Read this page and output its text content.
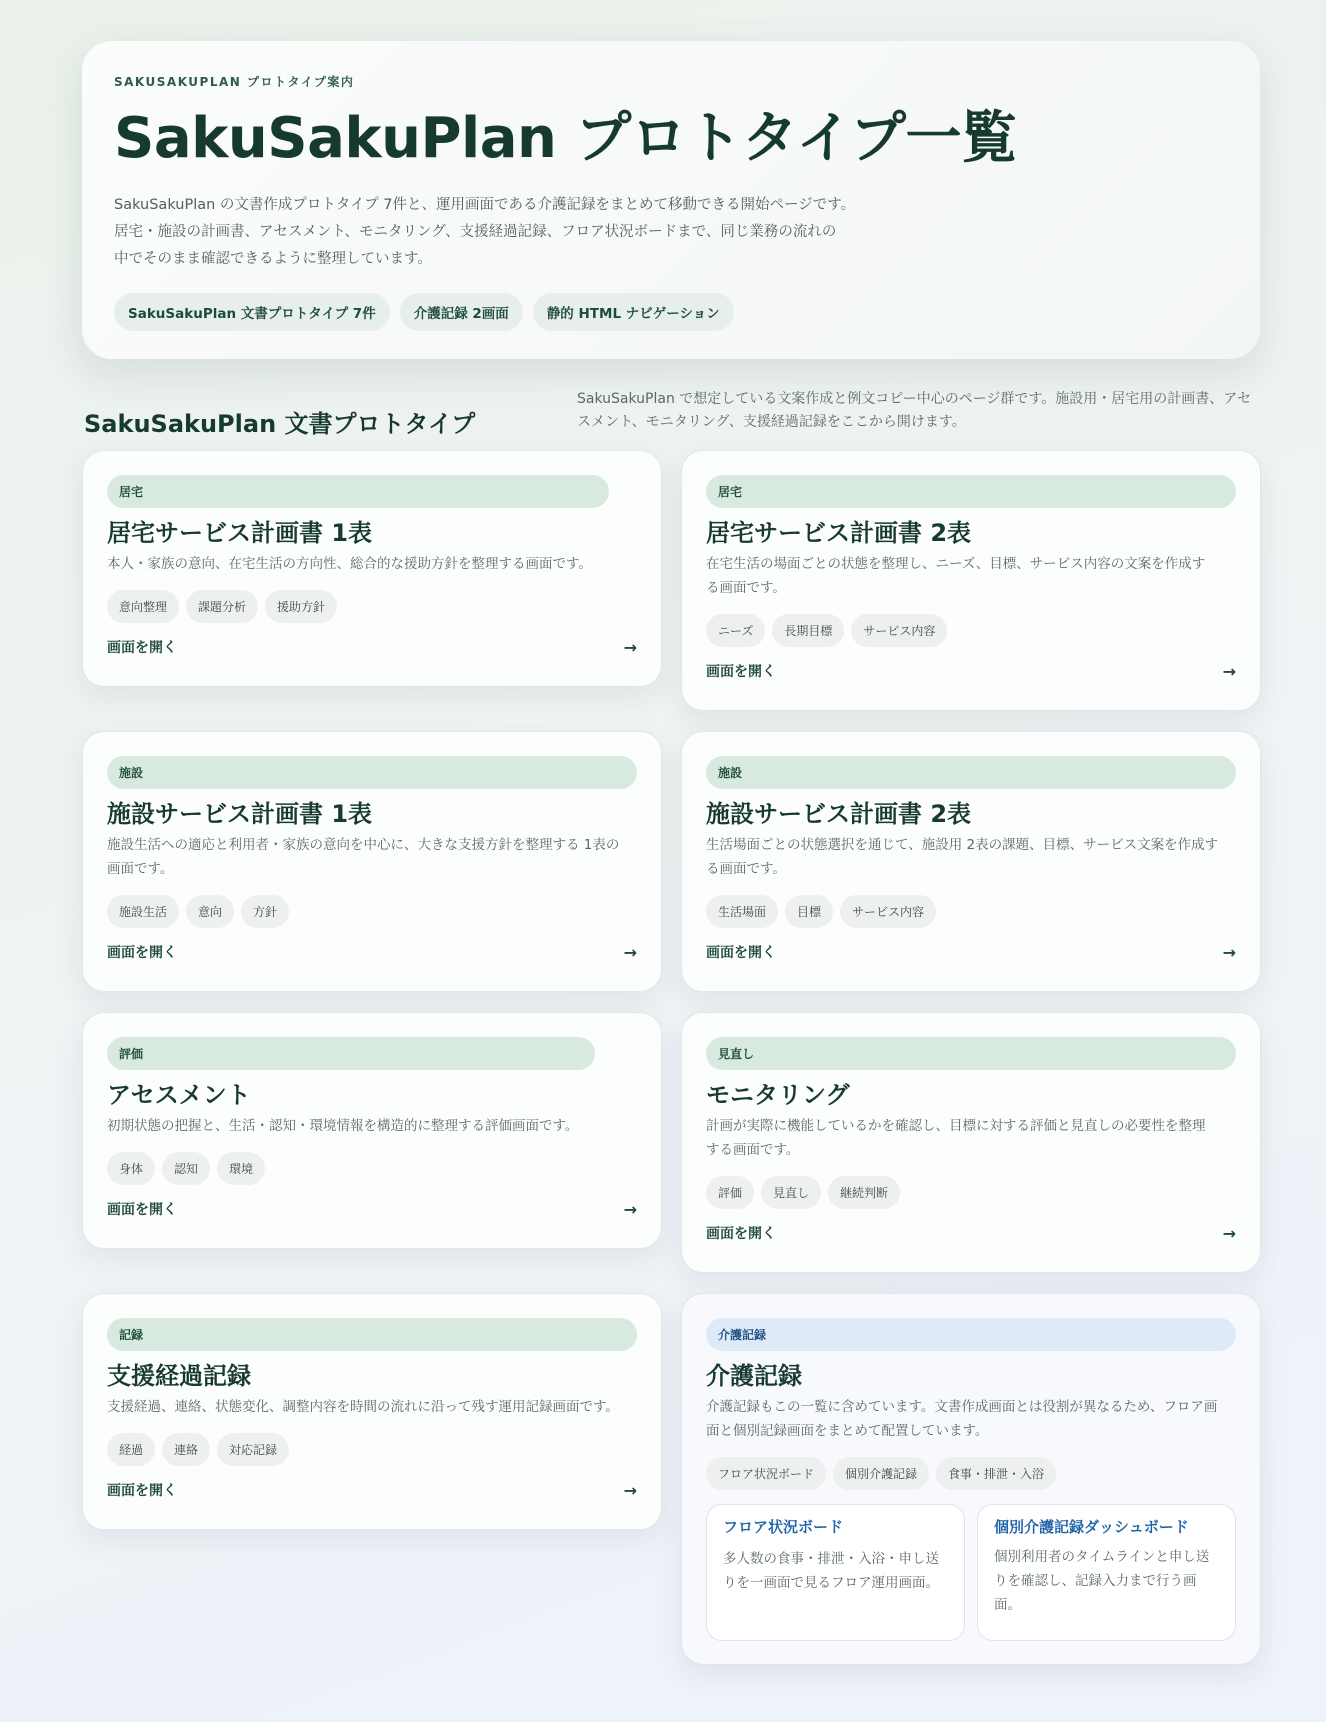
SAKUSAKUPLAN プロトタイプ案内
SakuSakuPlan プロトタイプ一覧
SakuSakuPlan の文書作成プロトタイプ 7件と、運用画面である介護記録をまとめて移動できる開始ページです。
居宅・施設の計画書、アセスメント、モニタリング、支援経過記録、フロア状況ボードまで、同じ業務の流れの
中でそのまま確認できるように整理しています。
SakuSakuPlan 文書プロトタイプ 7件	介護記録 2画面	静的 HTML ナビゲーション
SakuSakuPlan 文書プロトタイプ
SakuSakuPlan で想定している文案作成と例文コピー中心のページ群です。施設用・居宅用の計画書、アセ
スメント、モニタリング、支援経過記録をここから開けます。
居宅
居宅サービス計画書 1表
本人・家族の意向、在宅生活の方向性、総合的な援助方針を整理する画面です。
意向整理	課題分析	援助方針
画面を開く	→
居宅
居宅サービス計画書 2表
在宅生活の場面ごとの状態を整理し、ニーズ、目標、サービス内容の文案を作成す
る画面です。
ニーズ	長期目標	サービス内容
画面を開く	→
施設
施設サービス計画書 1表
施設生活への適応と利用者・家族の意向を中心に、大きな支援方針を整理する 1表の
画面です。
施設生活	意向	方針
画面を開く	→
施設
施設サービス計画書 2表
生活場面ごとの状態選択を通じて、施設用 2表の課題、目標、サービス文案を作成す
る画面です。
生活場面	目標	サービス内容
画面を開く	→
評価
アセスメント
初期状態の把握と、生活・認知・環境情報を構造的に整理する評価画面です。
身体	認知	環境
画面を開く	→
見直し
モニタリング
計画が実際に機能しているかを確認し、目標に対する評価と見直しの必要性を整理
する画面です。
評価	見直し	継続判断
画面を開く	→
記録
支援経過記録
支援経過、連絡、状態変化、調整内容を時間の流れに沿って残す運用記録画面です。
経過	連絡	対応記録
画面を開く	→
介護記録
介護記録
介護記録もこの一覧に含めています。文書作成画面とは役割が異なるため、フロア画
面と個別記録画面をまとめて配置しています。
フロア状況ボード	個別介護記録	食事・排泄・入浴
フロア状況ボード
多人数の食事・排泄・入浴・申し送
りを一画面で見るフロア運用画面。
個別介護記録ダッシュボード
個別利用者のタイムラインと申し送
りを確認し、記録入力まで行う画
面。
